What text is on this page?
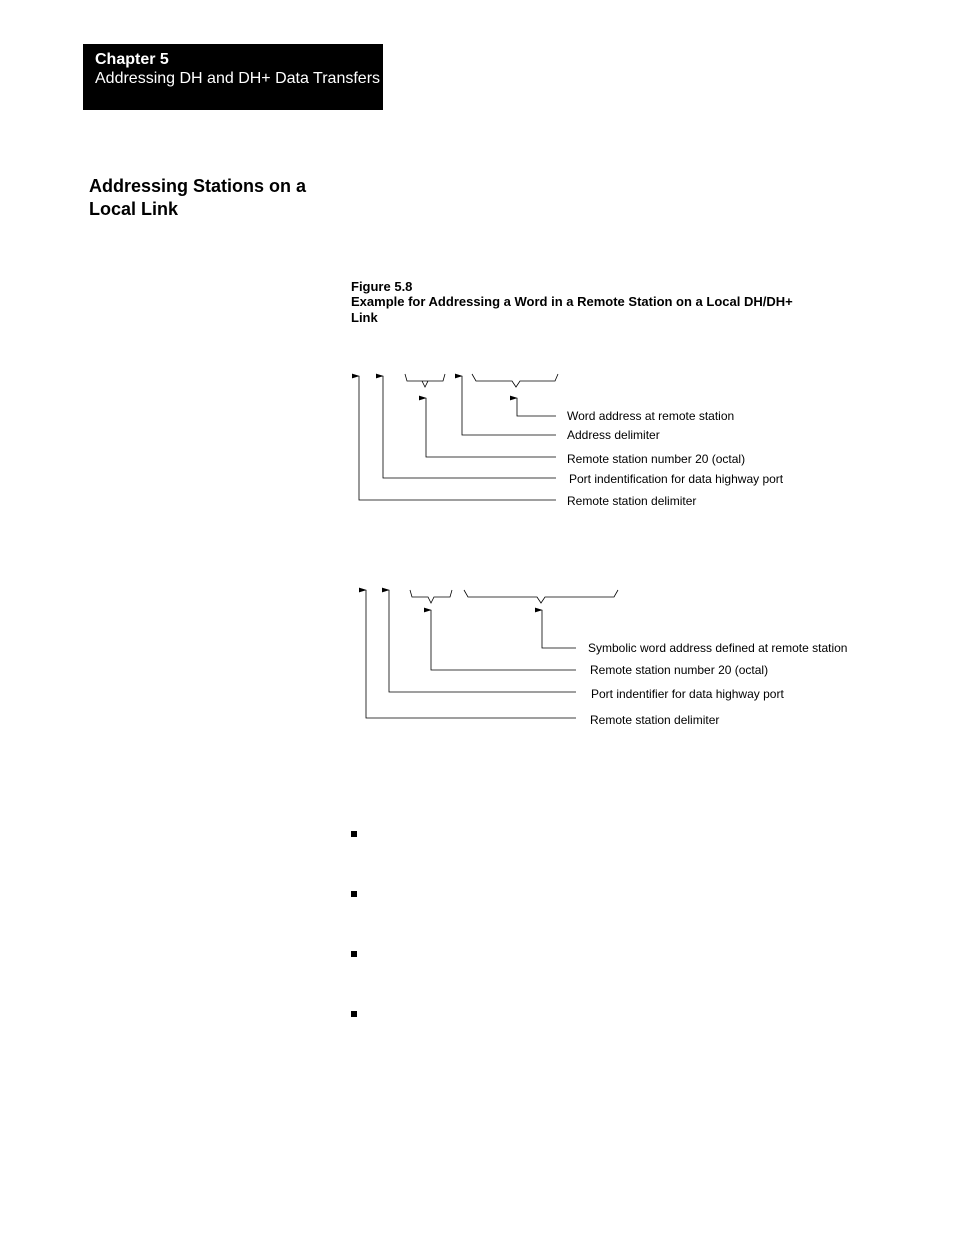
Chapter 5
Addressing DH and DH+ Data Transfers
Addressing Stations on a Local Link
Figure 5.8
Example for Addressing a Word in a Remote Station on a Local DH/DH+ Link
Word address at remote station
Address delimiter
Remote station number 20 (octal)
Port indentification for data highway port
Remote station delimiter
Symbolic word address defined at remote station
Remote station number 20 (octal)
Port indentifier for data highway port
Remote station delimiter
